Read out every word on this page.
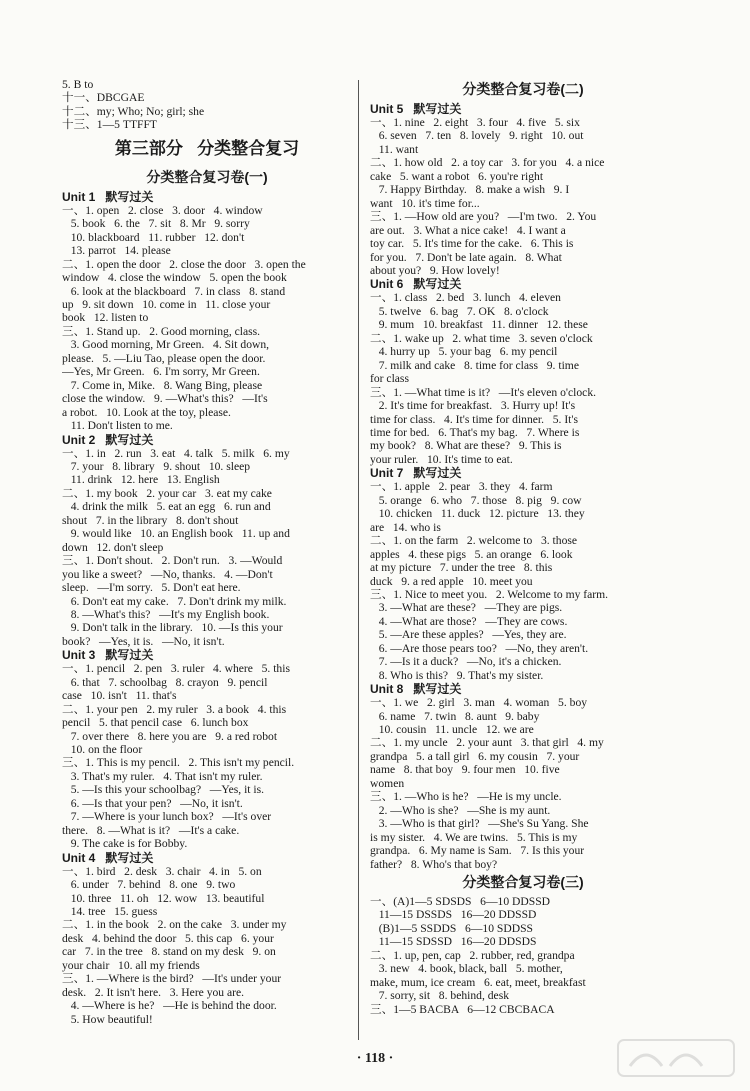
5. B to
十一、DBCGAE
十二、my; Who; No; girl; she
十三、1—5 TTFFT
第三部分   分类整合复习
分类整合复习卷(一)
Unit 1   默写过关
一、1. open   2. close   3. door   4. window
5. book   6. the   7. sit   8. Mr   9. sorry
10. blackboard   11. rubber   12. don't
13. parrot   14. please
二、1. open the door   2. close the door   3. open the
window   4. close the window   5. open the book
6. look at the blackboard   7. in class   8. stand
up   9. sit down   10. come in   11. close your
book   12. listen to
三、1. Stand up.   2. Good morning, class.
3. Good morning, Mr Green.   4. Sit down,
please.   5. —Liu Tao, please open the door.
—Yes, Mr Green.   6. I'm sorry, Mr Green.
7. Come in, Mike.   8. Wang Bing, please
close the window.   9. —What's this?   —It's
a robot.   10. Look at the toy, please.
11. Don't listen to me.
Unit 2   默写过关
一、1. in   2. run   3. eat   4. talk   5. milk   6. my
7. your   8. library   9. shout   10. sleep
11. drink   12. here   13. English
二、1. my book   2. your car   3. eat my cake
4. drink the milk   5. eat an egg   6. run and
shout   7. in the library   8. don't shout
9. would like   10. an English book   11. up and
down   12. don't sleep
三、1. Don't shout.   2. Don't run.   3. —Would
you like a sweet?   —No, thanks.   4. —Don't
sleep.   —I'm sorry.   5. Don't eat here.
6. Don't eat my cake.   7. Don't drink my milk.
8. —What's this?   —It's my English book.
9. Don't talk in the library.   10. —Is this your
book?   —Yes, it is.   —No, it isn't.
Unit 3   默写过关
一、1. pencil   2. pen   3. ruler   4. where   5. this
6. that   7. schoolbag   8. crayon   9. pencil
case   10. isn't   11. that's
二、1. your pen   2. my ruler   3. a book   4. this
pencil   5. that pencil case   6. lunch box
7. over there   8. here you are   9. a red robot
10. on the floor
三、1. This is my pencil.   2. This isn't my pencil.
3. That's my ruler.   4. That isn't my ruler.
5. —Is this your schoolbag?   —Yes, it is.
6. —Is that your pen?   —No, it isn't.
7. —Where is your lunch box?   —It's over
there.   8. —What is it?   —It's a cake.
9. The cake is for Bobby.
Unit 4   默写过关
一、1. bird   2. desk   3. chair   4. in   5. on
6. under   7. behind   8. one   9. two
10. three   11. oh   12. wow   13. beautiful
14. tree   15. guess
二、1. in the book   2. on the cake   3. under my
desk   4. behind the door   5. this cap   6. your
car   7. in the tree   8. stand on my desk   9. on
your chair   10. all my friends
三、1. —Where is the bird?   —It's under your
desk.   2. It isn't here.   3. Here you are.
4. —Where is he?   —He is behind the door.
5. How beautiful!
分类整合复习卷(二)
Unit 5   默写过关
一、1. nine   2. eight   3. four   4. five   5. six
6. seven   7. ten   8. lovely   9. right   10. out
11. want
二、1. how old   2. a toy car   3. for you   4. a nice
cake   5. want a robot   6. you're right
7. Happy Birthday.   8. make a wish   9. I
want   10. it's time for...
三、1. —How old are you?   —I'm two.   2. You
are out.   3. What a nice cake!   4. I want a
toy car.   5. It's time for the cake.   6. This is
for you.   7. Don't be late again.   8. What
about you?   9. How lovely!
Unit 6   默写过关
一、1. class   2. bed   3. lunch   4. eleven
5. twelve   6. bag   7. OK   8. o'clock
9. mum   10. breakfast   11. dinner   12. these
二、1. wake up   2. what time   3. seven o'clock
4. hurry up   5. your bag   6. my pencil
7. milk and cake   8. time for class   9. time
for class
三、1. —What time is it?   —It's eleven o'clock.
2. It's time for breakfast.   3. Hurry up! It's
time for class.   4. It's time for dinner.   5. It's
time for bed.   6. That's my bag.   7. Where is
my book?   8. What are these?   9. This is
your ruler.   10. It's time to eat.
Unit 7   默写过关
一、1. apple   2. pear   3. they   4. farm
5. orange   6. who   7. those   8. pig   9. cow
10. chicken   11. duck   12. picture   13. they
are   14. who is
二、1. on the farm   2. welcome to   3. those
apples   4. these pigs   5. an orange   6. look
at my picture   7. under the tree   8. this
duck   9. a red apple   10. meet you
三、1. Nice to meet you.   2. Welcome to my farm.
3. —What are these?   —They are pigs.
4. —What are those?   —They are cows.
5. —Are these apples?   —Yes, they are.
6. —Are those pears too?   —No, they aren't.
7. —Is it a duck?   —No, it's a chicken.
8. Who is this?   9. That's my sister.
Unit 8   默写过关
一、1. we   2. girl   3. man   4. woman   5. boy
6. name   7. twin   8. aunt   9. baby
10. cousin   11. uncle   12. we are
二、1. my uncle   2. your aunt   3. that girl   4. my
grandpa   5. a tall girl   6. my cousin   7. your
name   8. that boy   9. four men   10. five
women
三、1. —Who is he?   —He is my uncle.
2. —Who is she?   —She is my aunt.
3. —Who is that girl?   —She's Su Yang. She
is my sister.   4. We are twins.   5. This is my
grandpa.   6. My name is Sam.   7. Is this your
father?   8. Who's that boy?
分类整合复习卷(三)
一、(A)1—5 SDSDS   6—10 DDSSD
11—15 DSSDS   16—20 DDSSD
(B)1—5 SSDDS   6—10 SDDSS
11—15 SDSSD   16—20 DDSDS
二、1. up, pen, cap   2. rubber, red, grandpa
3. new   4. book, black, ball   5. mother,
make, mum, ice cream   6. eat, meet, breakfast
7. sorry, sit   8. behind, desk
三、1—5 BACBA   6—12 CBCBACA
· 118 ·
